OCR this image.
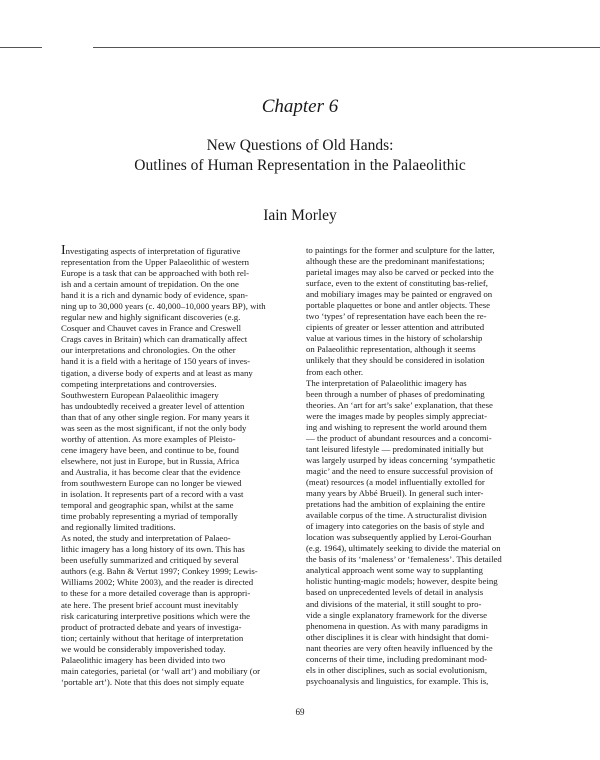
Chapter 6
New Questions of Old Hands:
Outlines of Human Representation in the Palaeolithic
Iain Morley

Investigating aspects of interpretation of figurative
representation from the Upper Palaeolithic of western
Europe is a task that can be approached with both rel-
ish and a certain amount of trepidation. On the one
hand it is a rich and dynamic body of evidence, span-
ning up to 30,000 years (c. 40,000–10,000 years BP), with
regular new and highly significant discoveries (e.g.
Cosquer and Chauvet caves in France and Creswell
Crags caves in Britain) which can dramatically affect
our interpretations and chronologies. On the other
hand it is a field with a heritage of 150 years of inves-
tigation, a diverse body of experts and at least as many
competing interpretations and controversies.
Southwestern European Palaeolithic imagery
has undoubtedly received a greater level of attention
than that of any other single region. For many years it
was seen as the most significant, if not the only body
worthy of attention. As more examples of Pleisto-
cene imagery have been, and continue to be, found
elsewhere, not just in Europe, but in Russia, Africa
and Australia, it has become clear that the evidence
from southwestern Europe can no longer be viewed
in isolation. It represents part of a record with a vast
temporal and geographic span, whilst at the same
time probably representing a myriad of temporally
and regionally limited traditions.
As noted, the study and interpretation of Palaeo-
lithic imagery has a long history of its own. This has
been usefully summarized and critiqued by several
authors (e.g. Bahn & Vertut 1997; Conkey 1999; Lewis-
Williams 2002; White 2003), and the reader is directed
to these for a more detailed coverage than is appropri-
ate here. The present brief account must inevitably
risk caricaturing interpretive positions which were the
product of protracted debate and years of investiga-
tion; certainly without that heritage of interpretation
we would be considerably impoverished today.
Palaeolithic imagery has been divided into two
main categories, parietal (or ‘wall art’) and mobiliary (or
‘portable art’). Note that this does not simply equate

to paintings for the former and sculpture for the latter,
although these are the predominant manifestations;
parietal images may also be carved or pecked into the
surface, even to the extent of constituting bas-relief,
and mobiliary images may be painted or engraved on
portable plaquettes or bone and antler objects. These
two ‘types’ of representation have each been the re-
cipients of greater or lesser attention and attributed
value at various times in the history of scholarship
on Palaeolithic representation, although it seems
unlikely that they should be considered in isolation
from each other.
The interpretation of Palaeolithic imagery has
been through a number of phases of predominating
theories. An ‘art for art’s sake’ explanation, that these
were the images made by peoples simply appreciat-
ing and wishing to represent the world around them
— the product of abundant resources and a concomi-
tant leisured lifestyle — predominated initially but
was largely usurped by ideas concerning ‘sympathetic
magic’ and the need to ensure successful provision of
(meat) resources (a model influentially extolled for
many years by Abbé Brueil). In general such inter-
pretations had the ambition of explaining the entire
available corpus of the time. A structuralist division
of imagery into categories on the basis of style and
location was subsequently applied by Leroi-Gourhan
(e.g. 1964), ultimately seeking to divide the material on
the basis of its ‘maleness’ or ‘femaleness’. This detailed
analytical approach went some way to supplanting
holistic hunting-magic models; however, despite being
based on unprecedented levels of detail in analysis
and divisions of the material, it still sought to pro-
vide a single explanatory framework for the diverse
phenomena in question. As with many paradigms in
other disciplines it is clear with hindsight that domi-
nant theories are very often heavily influenced by the
concerns of their time, including predominant mod-
els in other disciplines, such as social evolutionism,
psychoanalysis and linguistics, for example. This is,

69
